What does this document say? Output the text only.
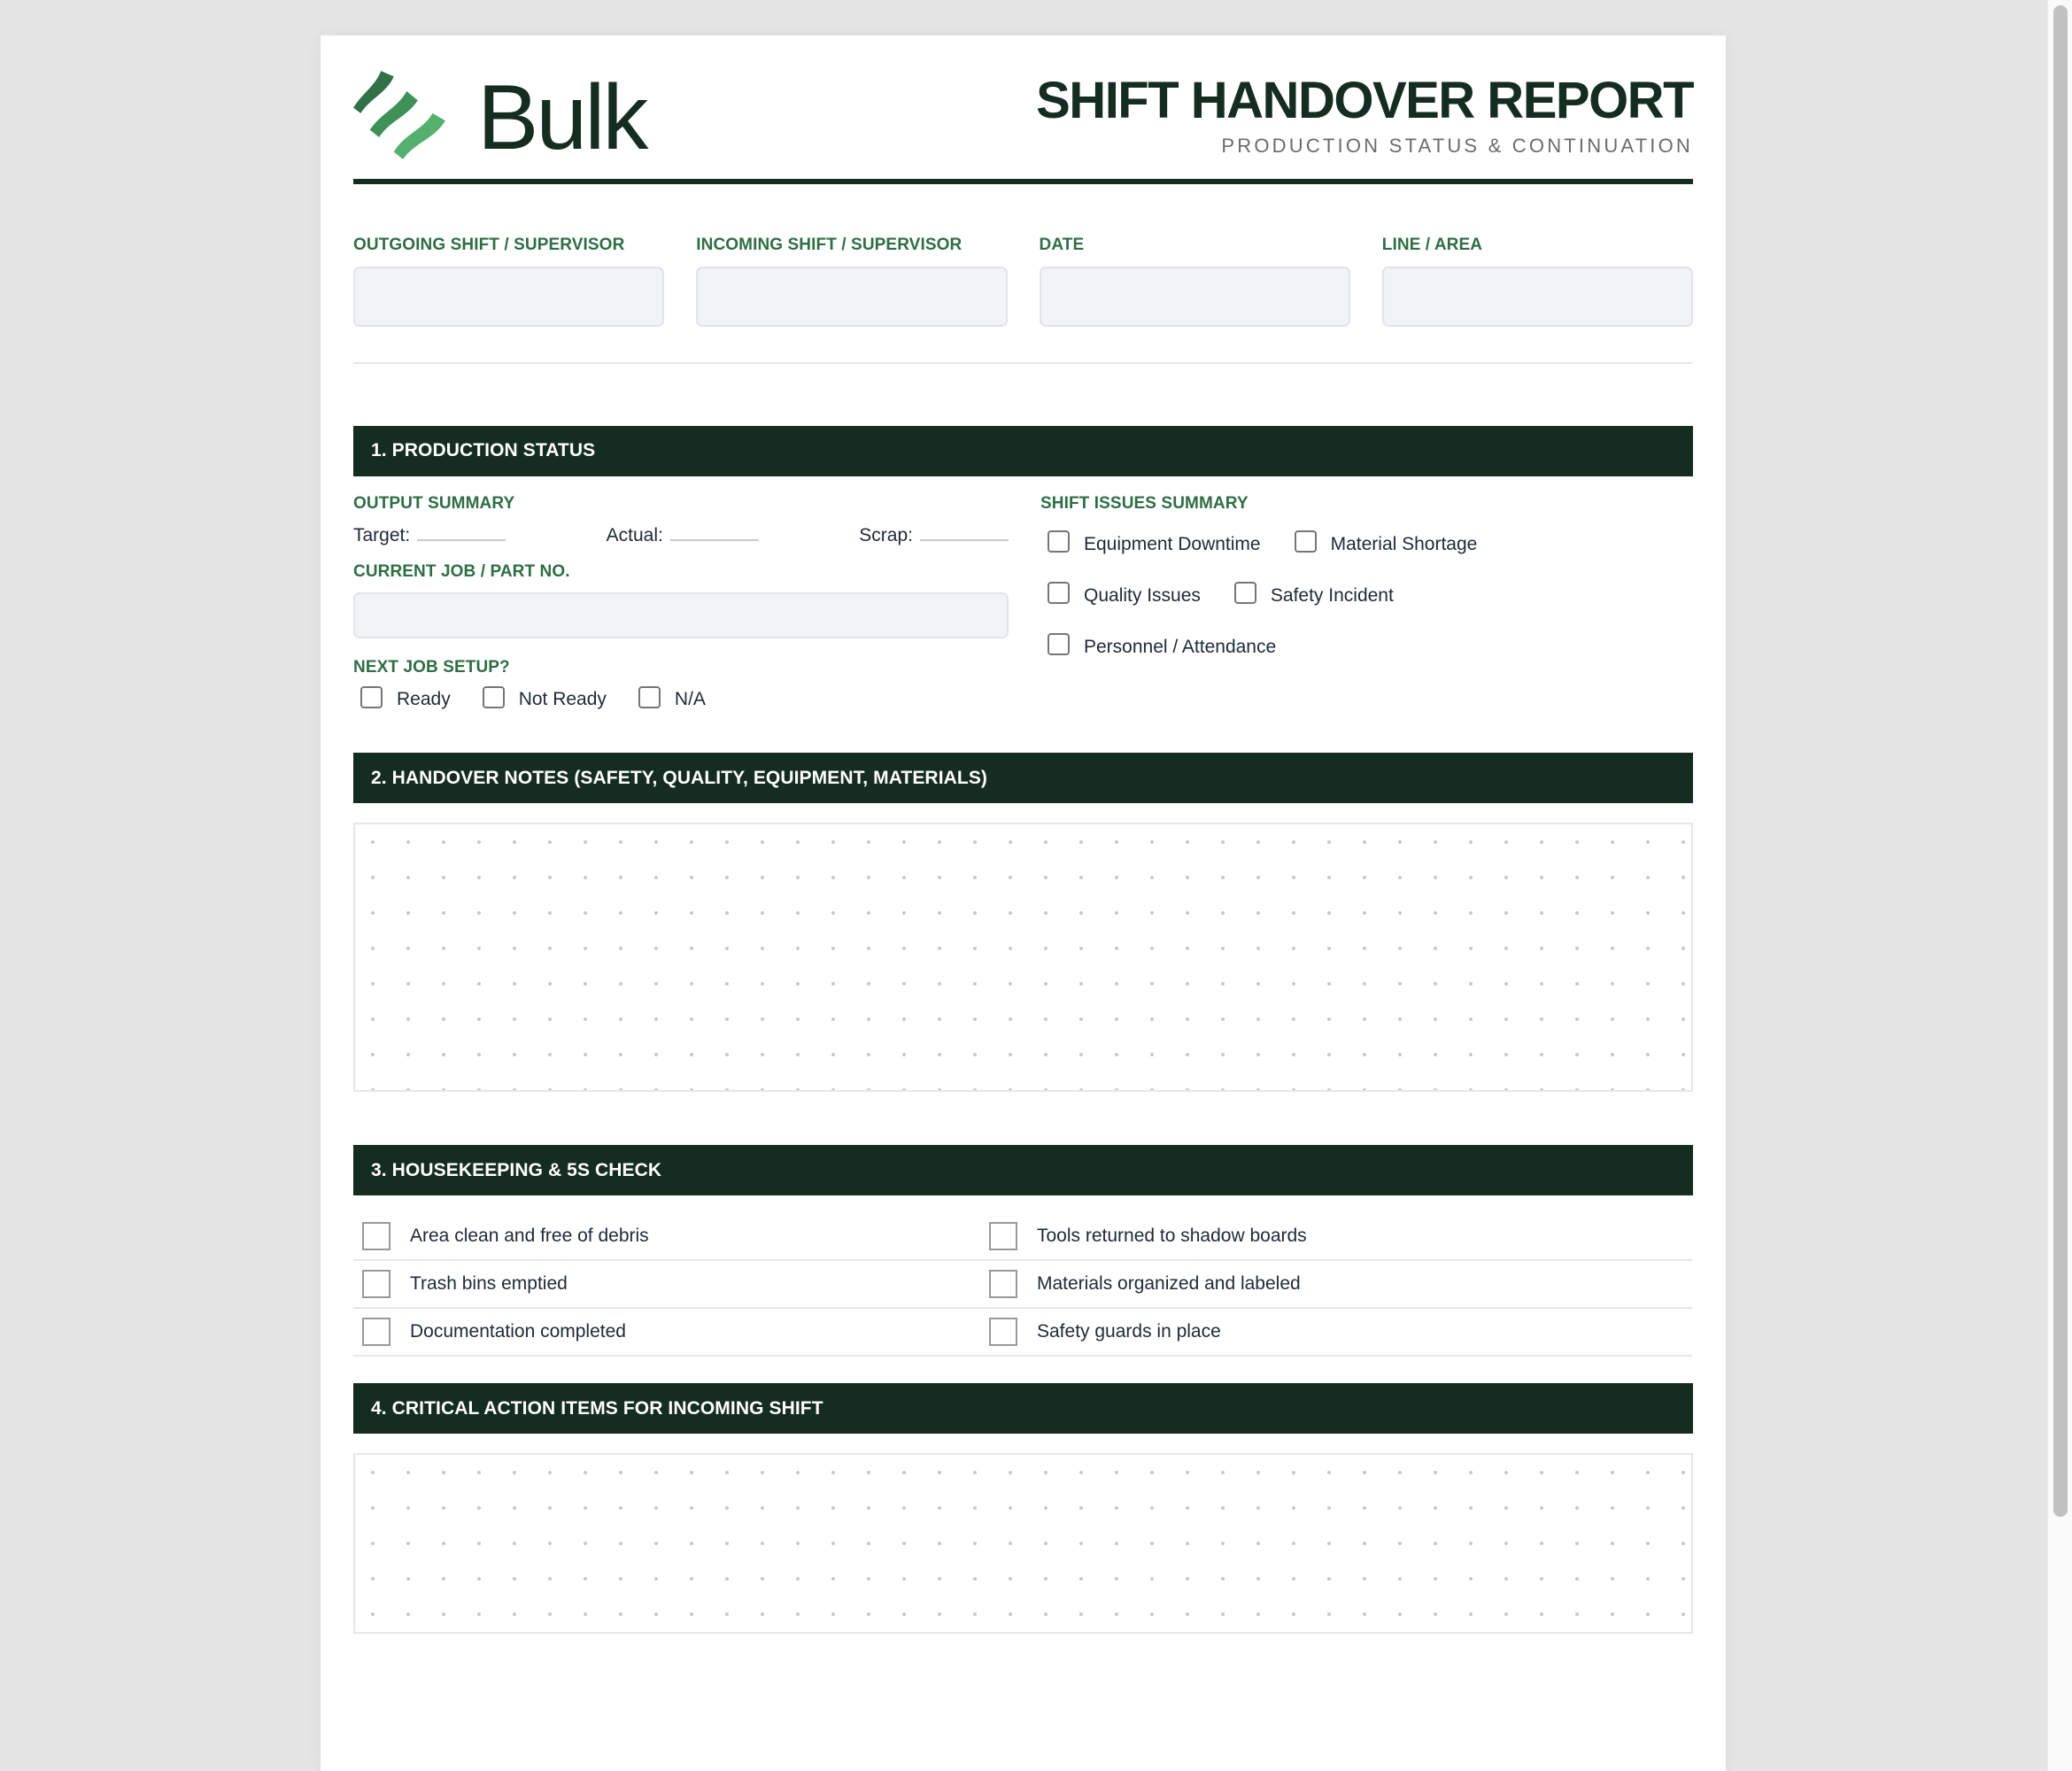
Bulk	SHIFT HANDOVER REPORT
PRODUCTION STATUS & CONTINUATION
OUTGOING SHIFT / SUPERVISOR	INCOMING SHIFT / SUPERVISOR	DATE	LINE / AREA
1. PRODUCTION STATUS
OUTPUT SUMMARY
Target:	Actual:	Scrap:
CURRENT JOB / PART NO.
NEXT JOB SETUP?
Ready	Not Ready	N/A
SHIFT ISSUES SUMMARY
Equipment Downtime	Material Shortage
Quality Issues	Safety Incident
Personnel / Attendance
2. HANDOVER NOTES (SAFETY, QUALITY, EQUIPMENT, MATERIALS)
3. HOUSEKEEPING & 5S CHECK
Area clean and free of debris	Tools returned to shadow boards
Trash bins emptied	Materials organized and labeled
Documentation completed	Safety guards in place
4. CRITICAL ACTION ITEMS FOR INCOMING SHIFT
